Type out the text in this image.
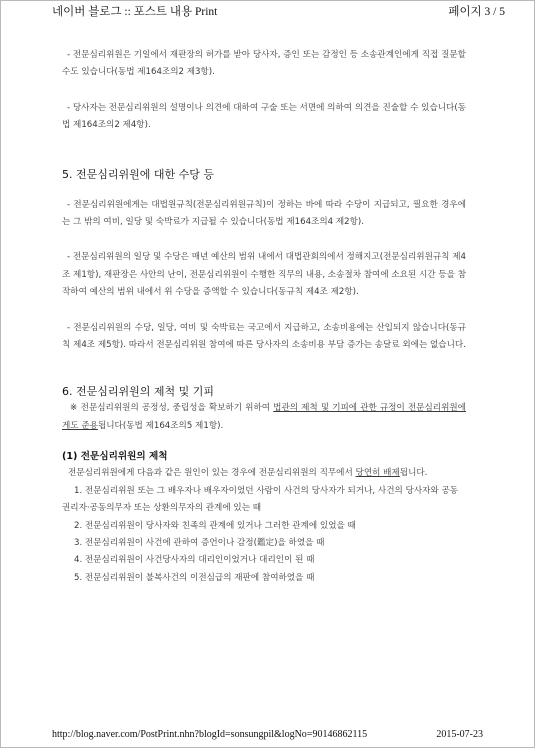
네이버 블로그 :: 포스트 내용 Print	페이지 3 / 5

- 전문심리위원은 기일에서 재판장의 허가를 받아 당사자, 증인 또는 감정인 등 소송관계인에게 직접 질문할 수도 있습니다(동법 제164조의2 제3항).

- 당사자는 전문심리위원의 설명이나 의견에 대하여 구술 또는 서면에 의하여 의견을 진술할 수 있습니다(동법 제164조의2 제4항).

5. 전문심리위원에 대한 수당 등

- 전문심리위원에게는 대법원규칙(전문심리위원규칙)이 정하는 바에 따라 수당이 지급되고, 필요한 경우에는 그 밖의 여비, 일당 및 숙박료가 지급될 수 있습니다(동법 제164조의4 제2항).

- 전문심리위원의 일당 및 수당은 매년 예산의 범위 내에서 대법관회의에서 정해지고(전문심리위원규칙 제4조 제1항), 재판장은 사안의 난이, 전문심리위원이 수행한 직무의 내용, 소송절차 참여에 소요된 시간 등을 참작하여 예산의 범위 내에서 위 수당을 증액할 수 있습니다(동규칙 제4조 제2항).

- 전문심리위원의 수당, 일당, 여비 및 숙박료는 국고에서 지급하고, 소송비용에는 산입되지 않습니다(동규칙 제4조 제5항). 따라서 전문심리위원 참여에 따른 당사자의 소송비용 부담 증가는 송달료 외에는 없습니다.

6. 전문심리위원의 제척 및 기피

※ 전문심리위원의 공정성, 중립성을 확보하기 위하여 법관의 제척 및 기피에 관한 규정이 전문심리위원에게도 준용됩니다(동법 제164조의5 제1항).

(1) 전문심리위원의 제척

전문심리위원에게 다음과 같은 원인이 있는 경우에 전문심리위원의 직무에서 당연히 배제됩니다.

1. 전문심리위원 또는 그 배우자나 배우자이었던 사람이 사건의 당사자가 되거나, 사건의 당사자와 공동권리자·공동의무자 또는 상환의무자의 관계에 있는 때

2. 전문심리위원이 당사자와 친족의 관계에 있거나 그러한 관계에 있었을 때

3. 전문심리위원이 사건에 관하여 증언이나 감정(鑑定)을 하였을 때

4. 전문심리위원이 사건당사자의 대리인이었거나 대리인이 된 때

5. 전문심리위원이 불복사건의 이전심급의 재판에 참여하였을 때

http://blog.naver.com/PostPrint.nhn?blogId=sonsungpil&logNo=90146862115	2015-07-23
